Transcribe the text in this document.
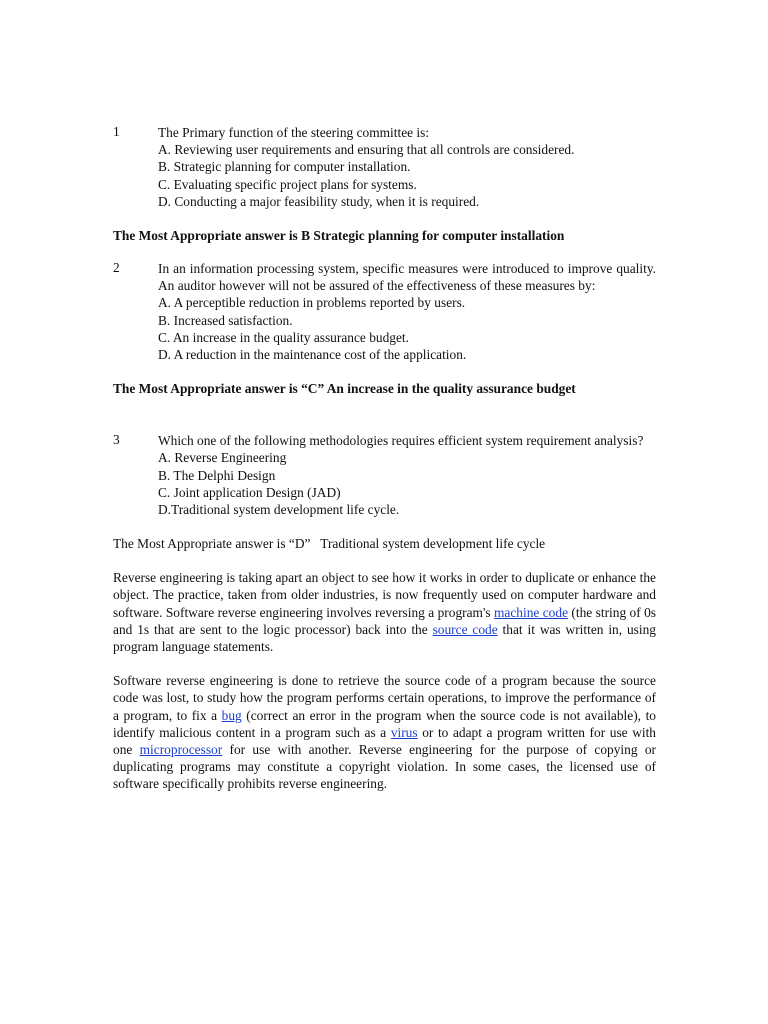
1	The Primary function of the steering committee is:
A. Reviewing user requirements and ensuring that all controls are considered.
B. Strategic planning for computer installation.
C. Evaluating specific project plans for systems.
D. Conducting a major feasibility study, when it is required.
The Most Appropriate answer is B Strategic planning for computer installation
2	In an information processing system, specific measures were introduced to improve quality. An auditor however will not be assured of the effectiveness of these measures by:
A. A perceptible reduction in problems reported by users.
B. Increased satisfaction.
C. An increase in the quality assurance budget.
D. A reduction in the maintenance cost of the application.
The Most Appropriate answer is “C” An increase in the quality assurance budget
3	Which one of the following methodologies requires efficient system requirement analysis?
A. Reverse Engineering
B. The Delphi Design
C. Joint application Design (JAD)
D.Traditional system development life cycle.
The Most Appropriate answer is “D”   Traditional system development life cycle

Reverse engineering is taking apart an object to see how it works in order to duplicate or enhance the object. The practice, taken from older industries, is now frequently used on computer hardware and software. Software reverse engineering involves reversing a program's machine code (the string of 0s and 1s that are sent to the logic processor) back into the source code that it was written in, using program language statements.

Software reverse engineering is done to retrieve the source code of a program because the source code was lost, to study how the program performs certain operations, to improve the performance of a program, to fix a bug (correct an error in the program when the source code is not available), to identify malicious content in a program such as a virus or to adapt a program written for use with one microprocessor for use with another. Reverse engineering for the purpose of copying or duplicating programs may constitute a copyright violation. In some cases, the licensed use of software specifically prohibits reverse engineering.
